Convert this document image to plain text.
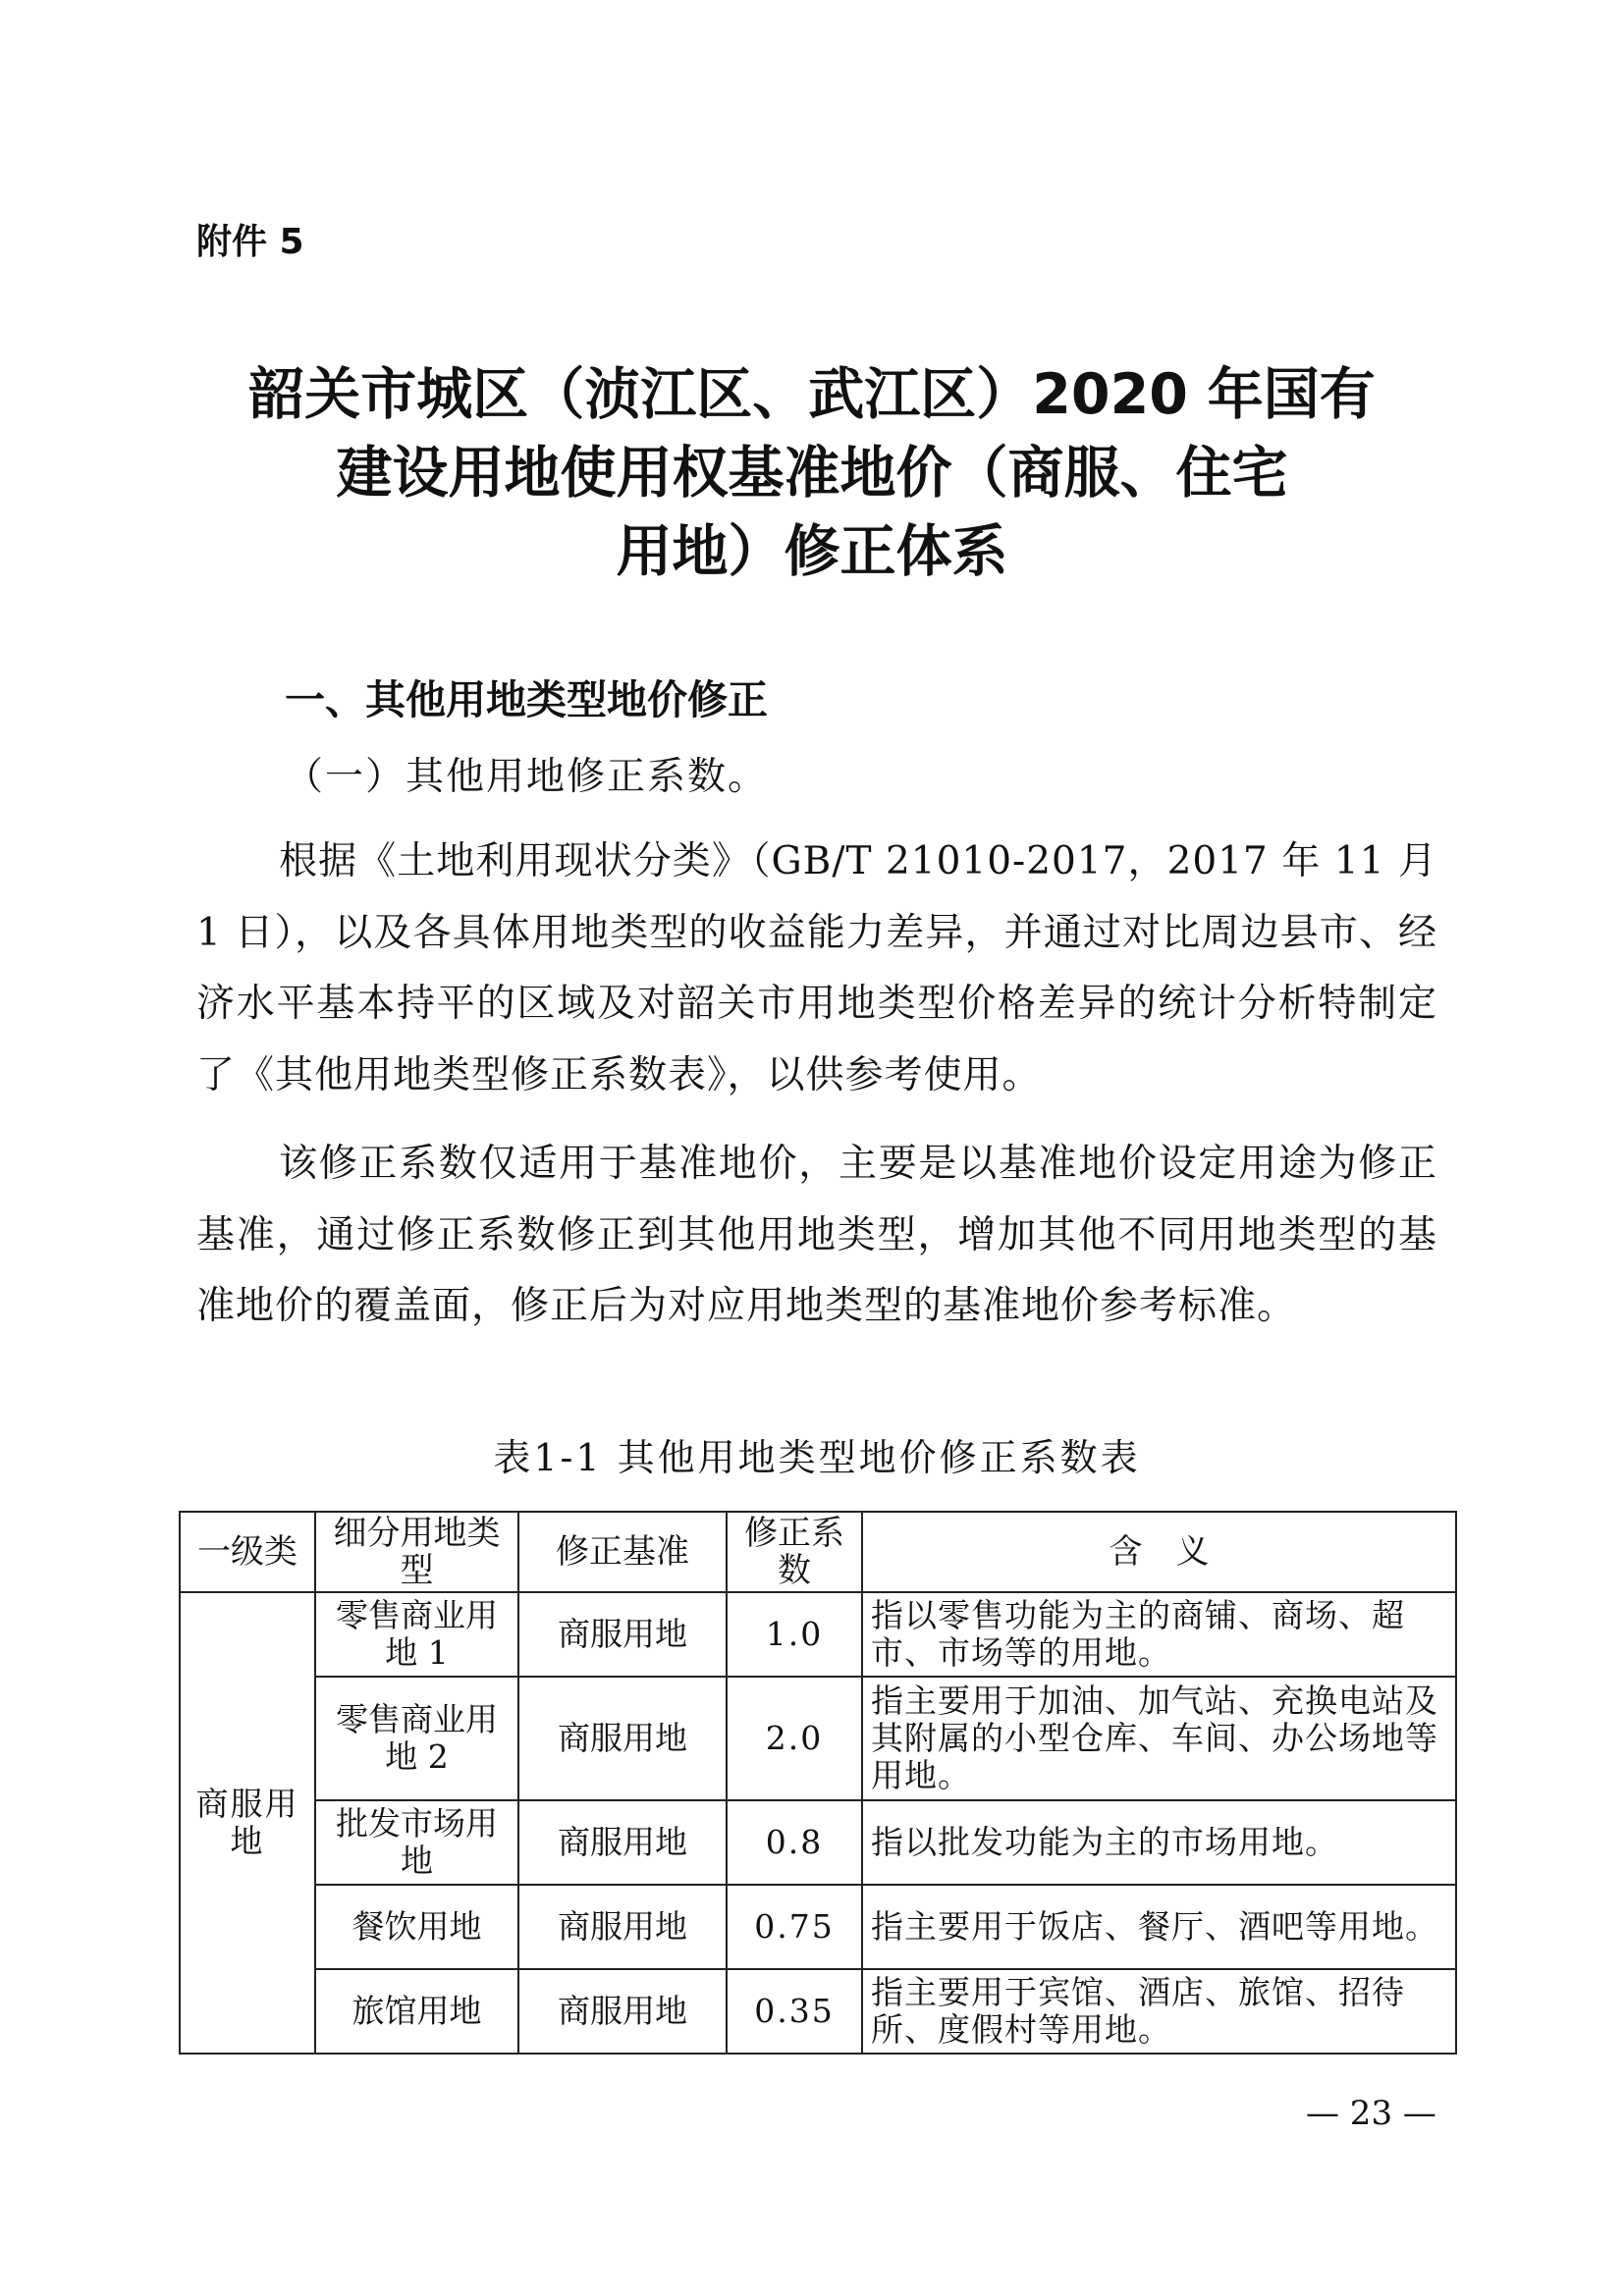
附件 5
韶关市城区（浈江区、武江区）2020 年国有
建设用地使用权基准地价（商服、住宅
用地）修正体系
一、其他用地类型地价修正
（一）其他用地修正系数。
根据《土地利用现状分类》（GB/T 21010-2017，2017 年 11 月 1 日），以及各具体用地类型的收益能力差异，并通过对比周边县市、经济水平基本持平的区域及对韶关市用地类型价格差异的统计分析特制定了《其他用地类型修正系数表》，以供参考使用。
该修正系数仅适用于基准地价，主要是以基准地价设定用途为修正基准，通过修正系数修正到其他用地类型，增加其他不同用地类型的基准地价的覆盖面，修正后为对应用地类型的基准地价参考标准。
表1-1 其他用地类型地价修正系数表
一级类	细分用地类型	修正基准	修正系数	含　义
商服用地	零售商业用地 1	商服用地	1.0	指以零售功能为主的商铺、商场、超市、市场等的用地。
	零售商业用地 2	商服用地	2.0	指主要用于加油、加气站、充换电站及其附属的小型仓库、车间、办公场地等用地。
	批发市场用地	商服用地	0.8	指以批发功能为主的市场用地。
	餐饮用地	商服用地	0.75	指主要用于饭店、餐厅、酒吧等用地。
	旅馆用地	商服用地	0.35	指主要用于宾馆、酒店、旅馆、招待所、度假村等用地。
— 23 —
